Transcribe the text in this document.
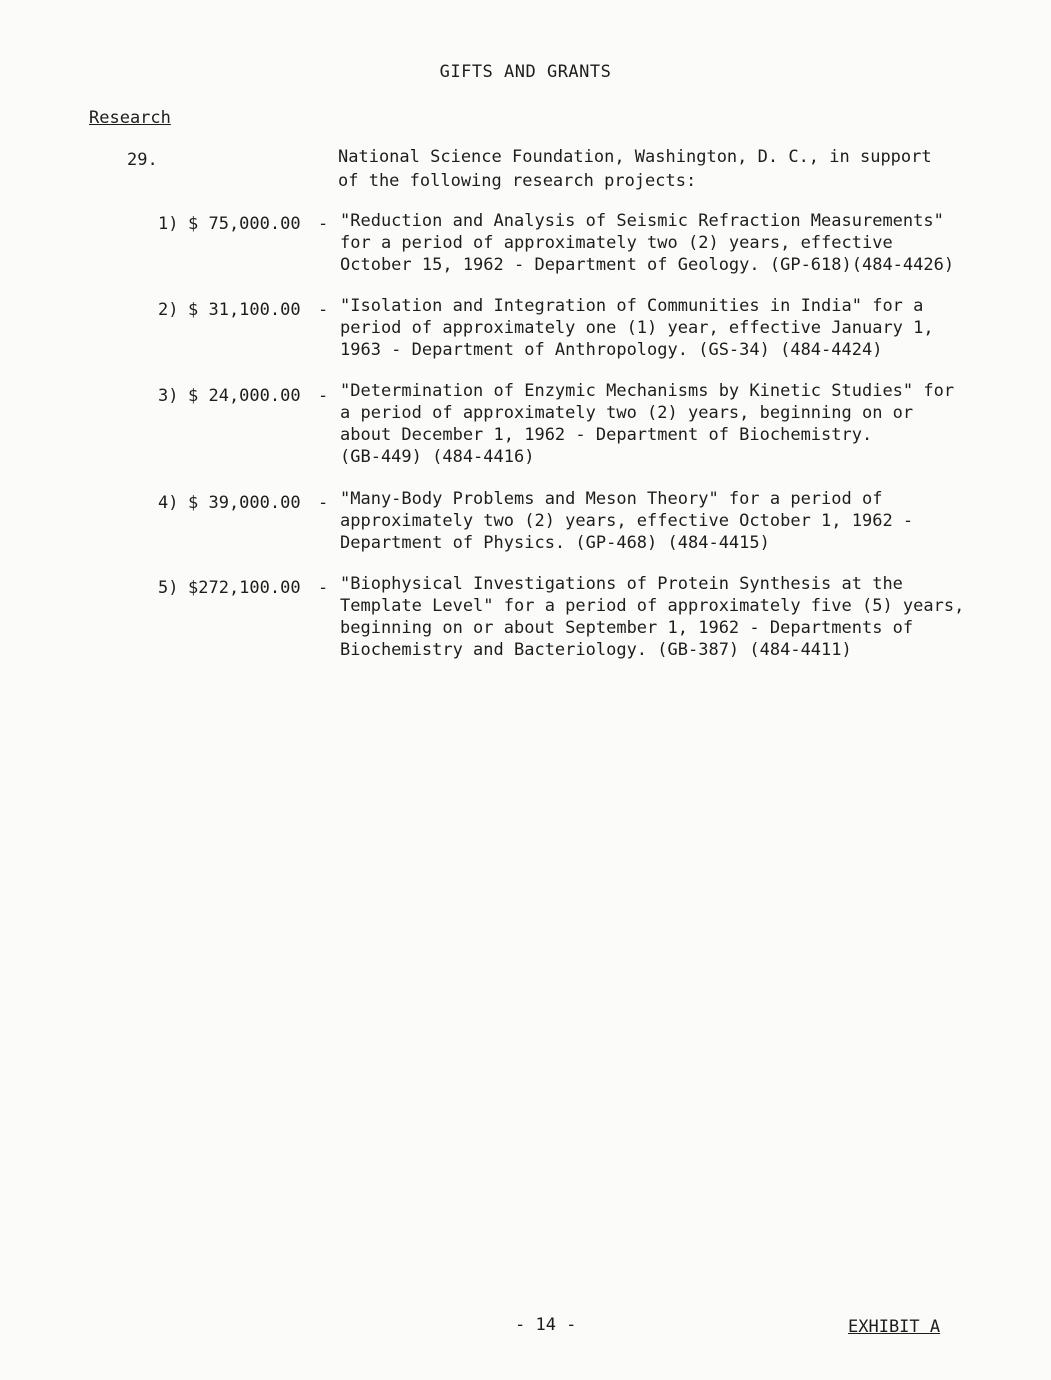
GIFTS AND GRANTS
Research
29.	National Science Foundation, Washington, D. C., in support
of the following research projects:
1) $ 75,000.00	- "Reduction and Analysis of Seismic Refraction Measurements"
for a period of approximately two (2) years, effective
October 15, 1962 - Department of Geology. (GP-618)(484-4426)
2) $ 31,100.00	- "Isolation and Integration of Communities in India" for a
period of approximately one (1) year, effective January 1,
1963 - Department of Anthropology. (GS-34) (484-4424)
3) $ 24,000.00	- "Determination of Enzymic Mechanisms by Kinetic Studies" for
a period of approximately two (2) years, beginning on or
about December 1, 1962 - Department of Biochemistry.
(GB-449) (484-4416)
4) $ 39,000.00	- "Many-Body Problems and Meson Theory" for a period of
approximately two (2) years, effective October 1, 1962 -
Department of Physics. (GP-468) (484-4415)
5) $272,100.00	- "Biophysical Investigations of Protein Synthesis at the
Template Level" for a period of approximately five (5) years,
beginning on or about September 1, 1962 - Departments of
Biochemistry and Bacteriology. (GB-387) (484-4411)
- 14 -	EXHIBIT A
